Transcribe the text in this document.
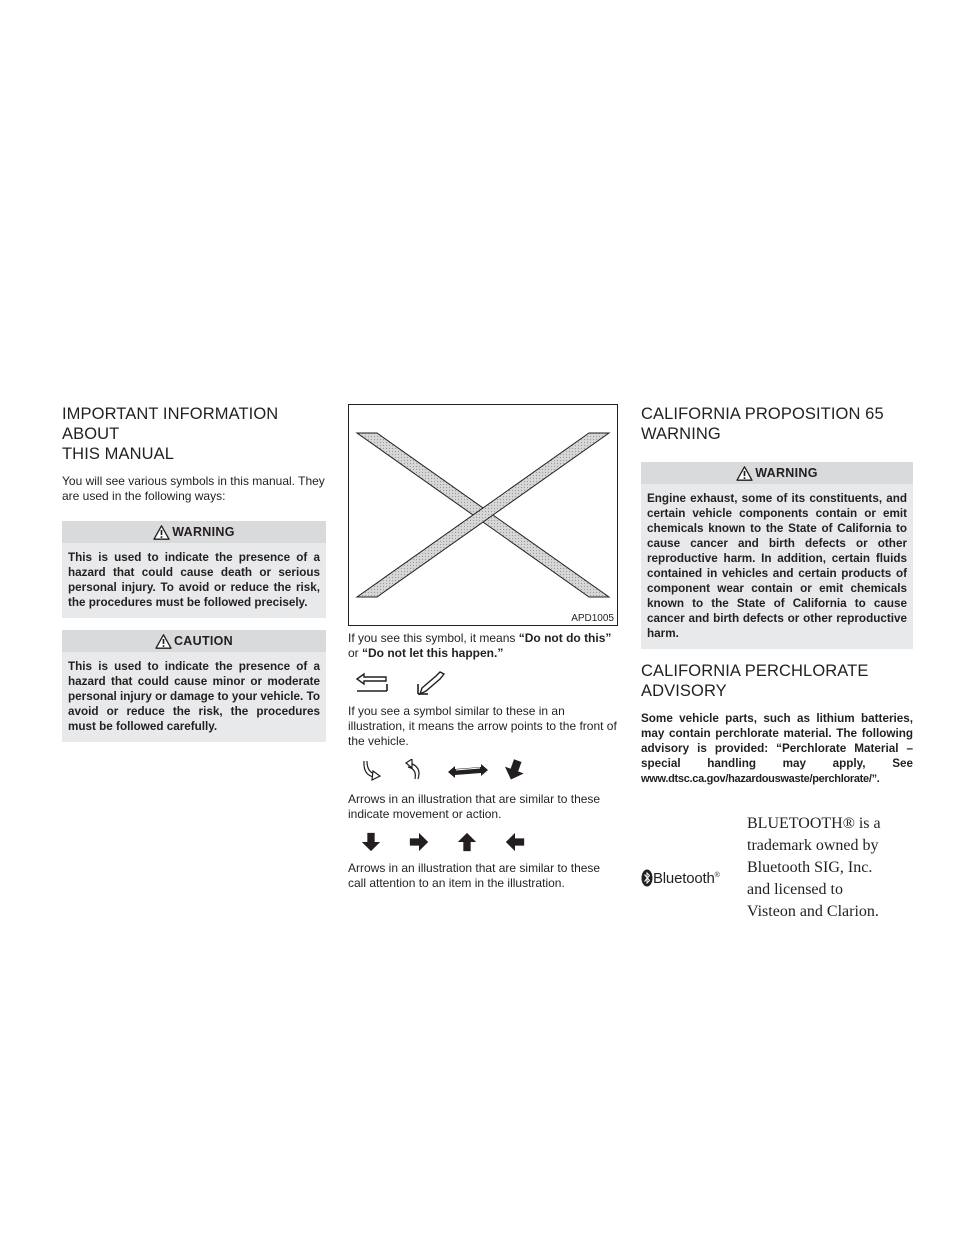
IMPORTANT INFORMATION ABOUT
THIS MANUAL

You will see various symbols in this manual. They are used in the following ways:

WARNING
This is used to indicate the presence of a hazard that could cause death or serious personal injury. To avoid or reduce the risk, the procedures must be followed precisely.
CAUTION
This is used to indicate the presence of a hazard that could cause minor or moderate personal injury or damage to your vehicle. To avoid or reduce the risk, the procedures must be followed carefully.
APD1005

If you see this symbol, it means “Do not do this” or “Do not let this happen.”

If you see a symbol similar to these in an illustration, it means the arrow points to the front of the vehicle.

Arrows in an illustration that are similar to these indicate movement or action.

Arrows in an illustration that are similar to these call attention to an item in the illustration.

CALIFORNIA PROPOSITION 65
WARNING
WARNING
Engine exhaust, some of its constituents, and certain vehicle components contain or emit chemicals known to the State of California to cause cancer and birth defects or other reproductive harm. In addition, certain fluids contained in vehicles and certain products of component wear contain or emit chemicals known to the State of California to cause cancer and birth defects or other reproductive harm.
CALIFORNIA PERCHLORATE
ADVISORY
Some vehicle parts, such as lithium batteries, may contain perchlorate material. The following advisory is provided: “Perchlorate Material – special handling may apply, See www.dtsc.ca.gov/hazardouswaste/perchlorate/”.
Bluetooth®
BLUETOOTH® is a
trademark owned by
Bluetooth SIG, Inc.
and licensed to
Visteon and Clarion.
